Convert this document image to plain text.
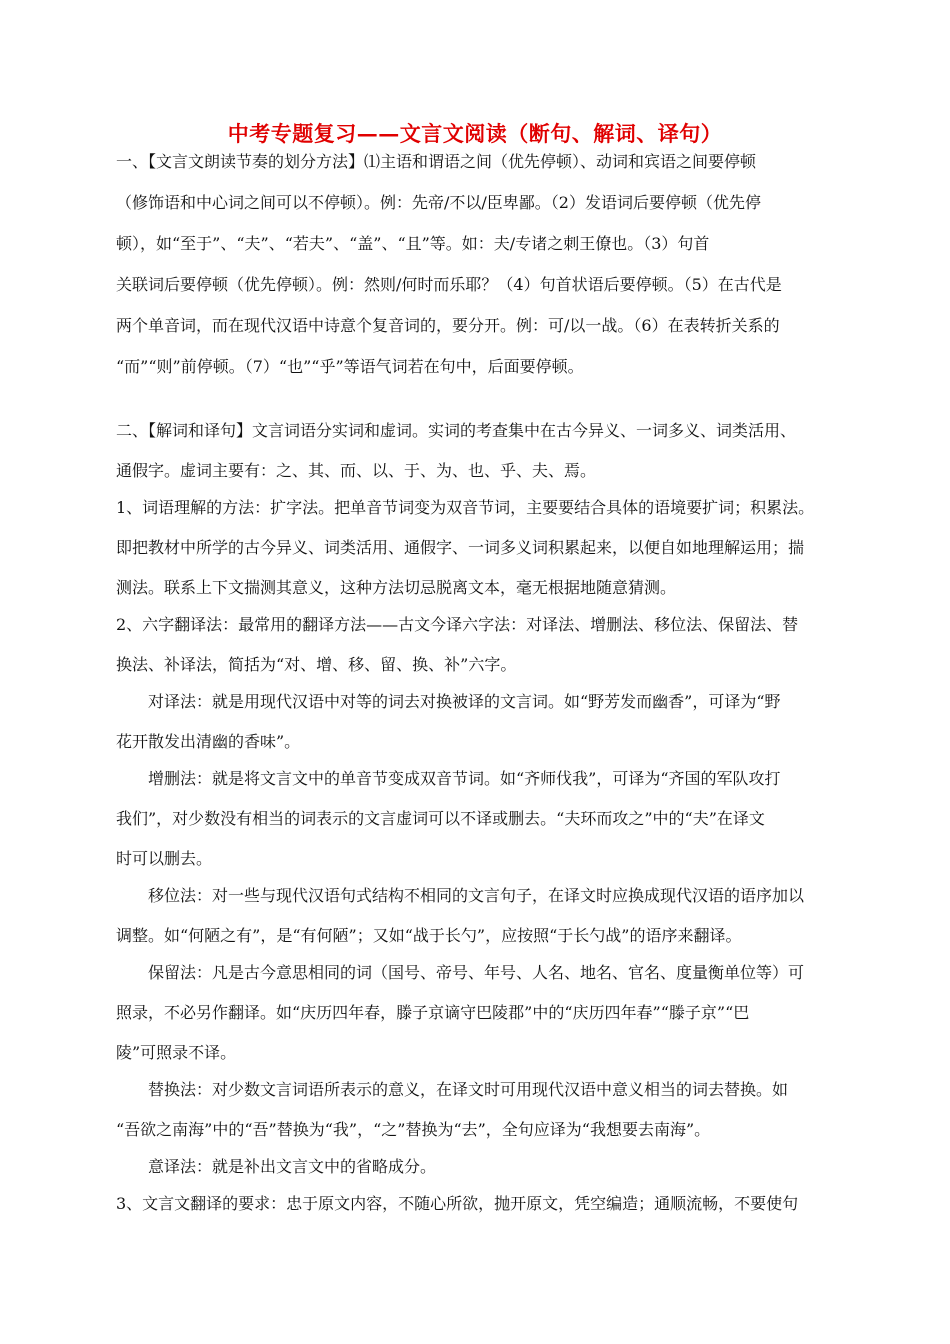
中考专题复习——文言文阅读（断句、解词、译句）
一、【文言文朗读节奏的划分方法】⑴主语和谓语之间（优先停顿）、动词和宾语之间要停顿
（修饰语和中心词之间可以不停顿）。例：先帝/不以/臣卑鄙。（2）发语词后要停顿（优先停
顿），如“至于”、“夫”、“若夫”、“盖”、“且”等。如：夫/专诸之刺王僚也。（3）句首
关联词后要停顿（优先停顿）。例：然则/何时而乐耶？（4）句首状语后要停顿。（5）在古代是
两个单音词，而在现代汉语中诗意个复音词的，要分开。例：可/以一战。（6）在表转折关系的
“而”“则”前停顿。（7）“也”“乎”等语气词若在句中，后面要停顿。
二、【解词和译句】文言词语分实词和虚词。实词的考查集中在古今异义、一词多义、词类活用、
通假字。虚词主要有：之、其、而、以、于、为、也、乎、夫、焉。
1、词语理解的方法：扩字法。把单音节词变为双音节词，主要要结合具体的语境要扩词；积累法。
即把教材中所学的古今异义、词类活用、通假字、一词多义词积累起来，以便自如地理解运用；揣
测法。联系上下文揣测其意义，这种方法切忌脱离文本，毫无根据地随意猜测。
2、六字翻译法：最常用的翻译方法——古文今译六字法：对译法、增删法、移位法、保留法、替
换法、补译法，简括为“对、增、移、留、换、补”六字。
对译法：就是用现代汉语中对等的词去对换被译的文言词。如“野芳发而幽香”，可译为“野
花开散发出清幽的香味”。
增删法：就是将文言文中的单音节变成双音节词。如“齐师伐我”，可译为“齐国的军队攻打
我们”，对少数没有相当的词表示的文言虚词可以不译或删去。“夫环而攻之”中的“夫”在译文
时可以删去。
移位法：对一些与现代汉语句式结构不相同的文言句子，在译文时应换成现代汉语的语序加以
调整。如“何陋之有”，是“有何陋”；又如“战于长勺”，应按照“于长勺战”的语序来翻译。
保留法：凡是古今意思相同的词（国号、帝号、年号、人名、地名、官名、度量衡单位等）可
照录，不必另作翻译。如“庆历四年春，滕子京谪守巴陵郡”中的“庆历四年春”“滕子京”“巴
陵”可照录不译。
替换法：对少数文言词语所表示的意义，在译文时可用现代汉语中意义相当的词去替换。如
“吾欲之南海”中的“吾”替换为“我”，“之”替换为“去”，全句应译为“我想要去南海”。
意译法：就是补出文言文中的省略成分。
3、文言文翻译的要求：忠于原文内容，不随心所欲，抛开原文，凭空编造；通顺流畅，不要使句
